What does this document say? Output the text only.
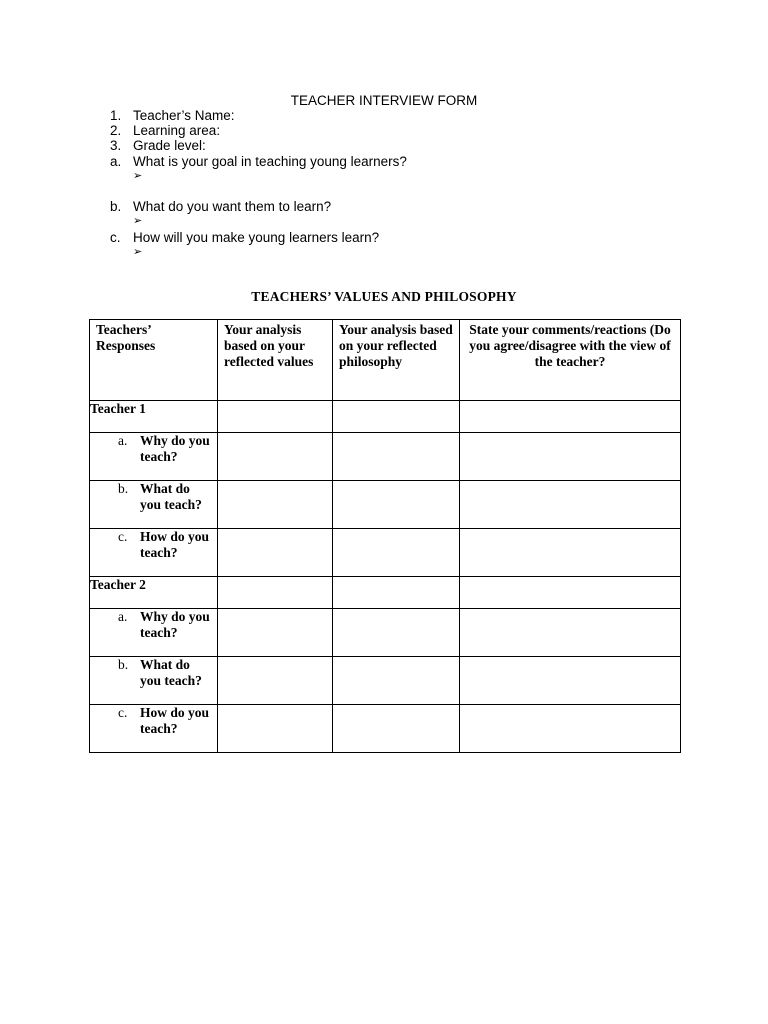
TEACHER INTERVIEW FORM
1. Teacher’s Name:
2. Learning area:
3. Grade level:
a. What is your goal in teaching young learners?
➢
b. What do you want them to learn?
➢
c. How will you make young learners learn?
➢
TEACHERS’ VALUES AND PHILOSOPHY
Teachers’ Responses	Your analysis based on your reflected values	Your analysis based on your reflected philosophy	State your comments/reactions (Do you agree/disagree with the view of the teacher?
Teacher 1			

a. Why do you teach?			

b. What do you teach?			

c. How do you teach?			

Teacher 2			

a. Why do you teach?			

b. What do you teach?			

c. How do you teach?			
